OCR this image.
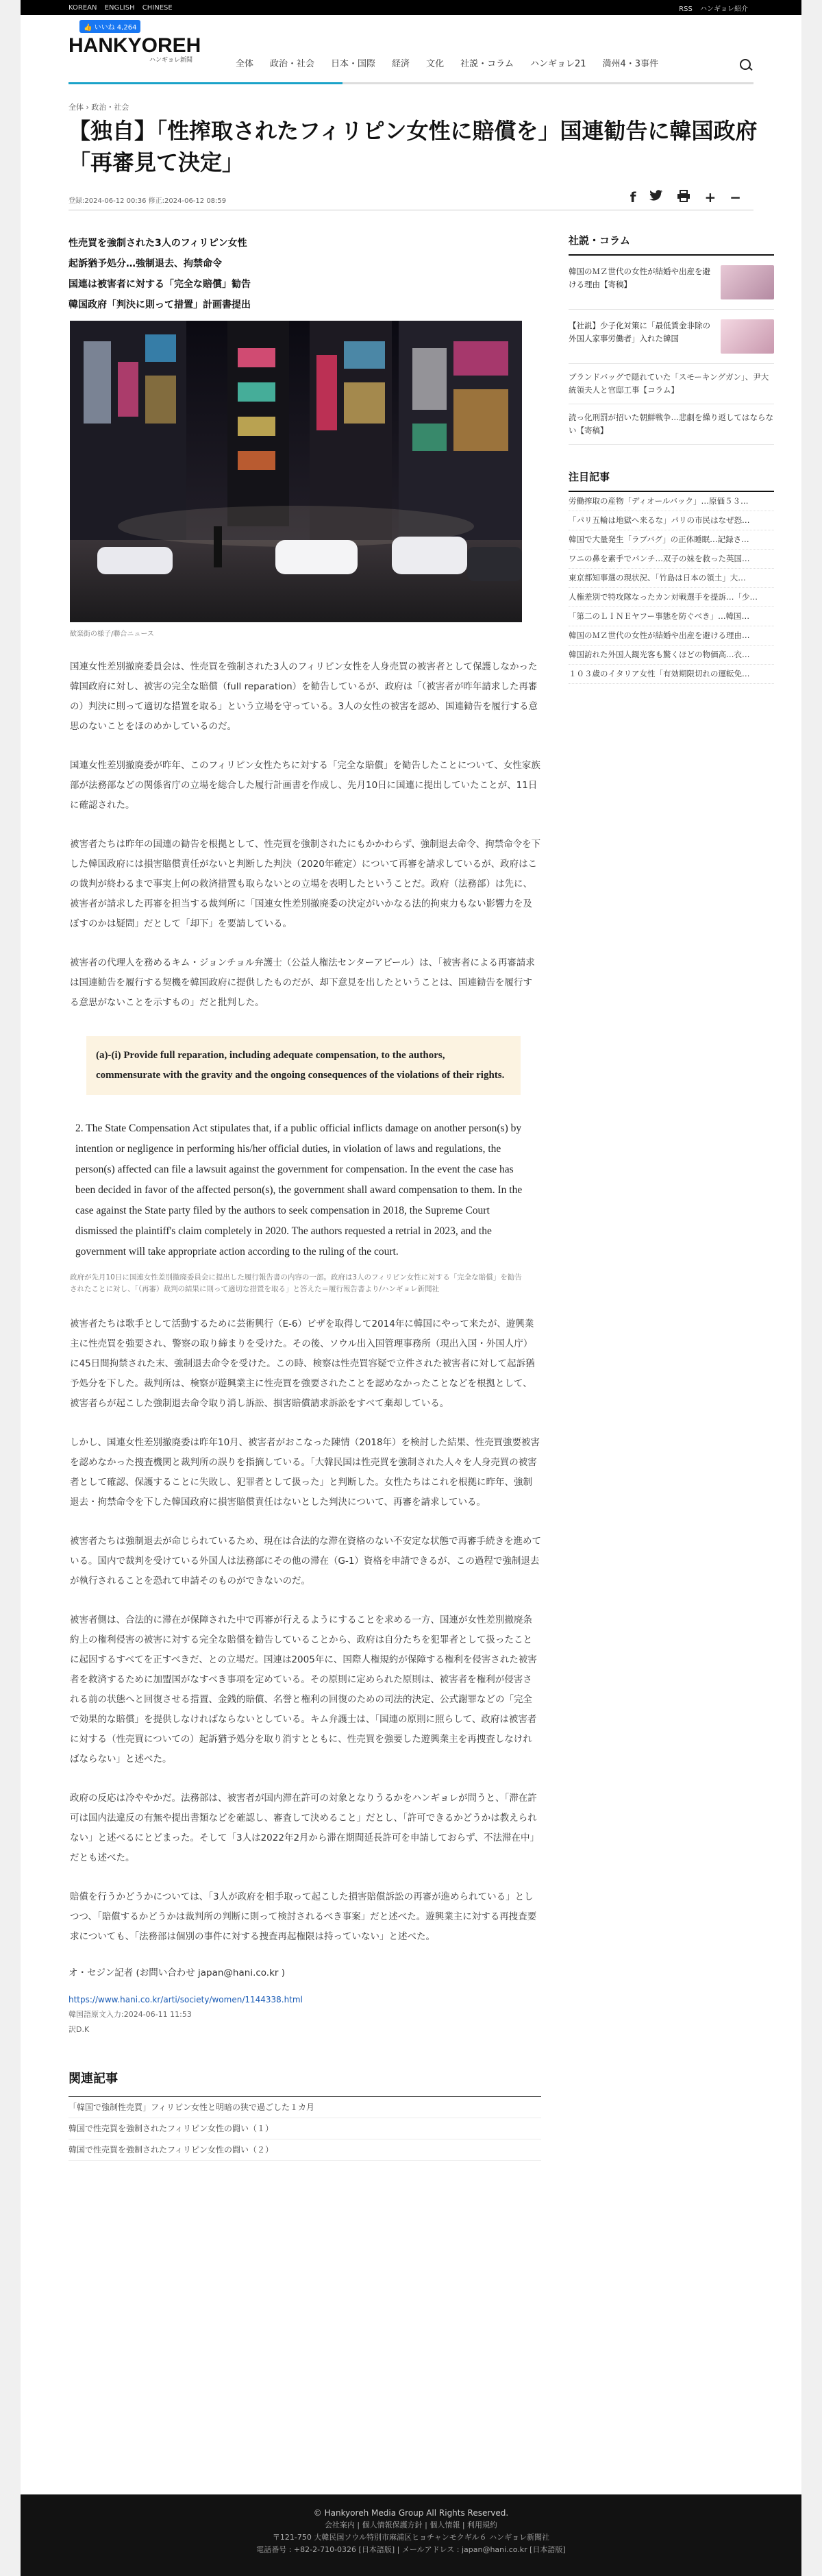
KOREAN ENGLISH CHINESE	RSS ハンギョレ紹介
👍 いいね 4,264
HANKYOREH
ハンギョレ新聞	全体 政治・社会 日本・国際 経済 文化 社説・コラム ハンギョレ21 満州4・3事件
全体 › 政治・社会
【独自】「性搾取されたフィリピン女性に賠償を」国連勧告に韓国政府「再審見て決定」
登録:2024-06-12 00:36 修正:2024-06-12 08:59	f	+ −
性売買を強制された3人のフィリピン女性
起訴猶予処分…強制退去、拘禁命令
国連は被害者に対する「完全な賠償」勧告
韓国政府「判決に則って措置」計画書提出
歓楽街の様子/聯合ニュース

国連女性差別撤廃委員会は、性売買を強制された3人のフィリピン女性を人身売買の被害者として保護しなかった韓国政府に対し、被害の完全な賠償（full reparation）を勧告しているが、政府は「（被害者が昨年請求した再審の）判決に則って適切な措置を取る」という立場を守っている。3人の女性の被害を認め、国連勧告を履行する意思のないことをほのめかしているのだ。

国連女性差別撤廃委が昨年、このフィリピン女性たちに対する「完全な賠償」を勧告したことについて、女性家族部が法務部などの関係省庁の立場を総合した履行計画書を作成し、先月10日に国連に提出していたことが、11日に確認された。

被害者たちは昨年の国連の勧告を根拠として、性売買を強制されたにもかかわらず、強制退去命令、拘禁命令を下した韓国政府には損害賠償責任がないと判断した判決（2020年確定）について再審を請求しているが、政府はこの裁判が終わるまで事実上何の救済措置も取らないとの立場を表明したということだ。政府（法務部）は先に、被害者が請求した再審を担当する裁判所に「国連女性差別撤廃委の決定がいかなる法的拘束力もない影響力を及ぼすのかは疑問」だとして「却下」を要請している。

被害者の代理人を務めるキム・ジョンチョル弁護士（公益人権法センターアピール）は、「被害者による再審請求は国連勧告を履行する契機を韓国政府に提供したものだが、却下意見を出したということは、国連勧告を履行する意思がないことを示すもの」だと批判した。

(a)-(i) Provide full reparation, including adequate compensation, to the authors, commensurate with the gravity and the ongoing consequences of the violations of their rights.
2. The State Compensation Act stipulates that, if a public official inflicts damage on another person(s) by intention or negligence in performing his/her official duties, in violation of laws and regulations, the person(s) affected can file a lawsuit against the government for compensation. In the event the case has been decided in favor of the affected person(s), the government shall award compensation to them. In the case against the State party filed by the authors to seek compensation in 2018, the Supreme Court dismissed the plaintiff's claim completely in 2020. The authors requested a retrial in 2023, and the government will take appropriate action according to the ruling of the court.
政府が先月10日に国連女性差別撤廃委員会に提出した履行報告書の内容の一部。政府は3人のフィリピン女性に対する「完全な賠償」を勧告されたことに対し、「（再審）裁判の結果に則って適切な措置を取る」と答えた＝履行報告書より/ハンギョレ新聞社

被害者たちは歌手として活動するために芸術興行（E-6）ビザを取得して2014年に韓国にやって来たが、遊興業主に性売買を強要され、警察の取り締まりを受けた。その後、ソウル出入国管理事務所（現出入国・外国人庁）に45日間拘禁された末、強制退去命令を受けた。この時、検察は性売買容疑で立件された被害者に対して起訴猶予処分を下した。裁判所は、検察が遊興業主に性売買を強要されたことを認めなかったことなどを根拠として、被害者らが起こした強制退去命令取り消し訴訟、損害賠償請求訴訟をすべて棄却している。

しかし、国連女性差別撤廃委は昨年10月、被害者がおこなった陳情（2018年）を検討した結果、性売買強要被害を認めなかった捜査機関と裁判所の誤りを指摘している。「大韓民国は性売買を強制された人々を人身売買の被害者として確認、保護することに失敗し、犯罪者として扱った」と判断した。女性たちはこれを根拠に昨年、強制退去・拘禁命令を下した韓国政府に損害賠償責任はないとした判決について、再審を請求している。

被害者たちは強制退去が命じられているため、現在は合法的な滞在資格のない不安定な状態で再審手続きを進めている。国内で裁判を受けている外国人は法務部にその他の滞在（G-1）資格を申請できるが、この過程で強制退去が執行されることを恐れて申請そのものができないのだ。

被害者側は、合法的に滞在が保障された中で再審が行えるようにすることを求める一方、国連が女性差別撤廃条約上の権利侵害の被害に対する完全な賠償を勧告していることから、政府は自分たちを犯罪者として扱ったことに起因するすべてを正すべきだ、との立場だ。国連は2005年に、国際人権規約が保障する権利を侵害された被害者を救済するために加盟国がなすべき事項を定めている。その原則に定められた原則は、被害者を権利が侵害される前の状態へと回復させる措置、金銭的賠償、名誉と権利の回復のための司法的決定、公式謝罪などの「完全で効果的な賠償」を提供しなければならないとしている。キム弁護士は、「国連の原則に照らして、政府は被害者に対する（性売買についての）起訴猶予処分を取り消すとともに、性売買を強要した遊興業主を再捜査しなければならない」と述べた。

政府の反応は冷ややかだ。法務部は、被害者が国内滞在許可の対象となりうるかをハンギョレが問うと、「滞在許可は国内法違反の有無や提出書類などを確認し、審査して決めること」だとし、「許可できるかどうかは教えられない」と述べるにとどまった。そして「3人は2022年2月から滞在期間延長許可を申請しておらず、不法滞在中」だとも述べた。

賠償を行うかどうかについては、「3人が政府を相手取って起こした損害賠償訴訟の再審が進められている」としつつ、「賠償するかどうかは裁判所の判断に則って検討されるべき事案」だと述べた。遊興業主に対する再捜査要求についても、「法務部は個別の事件に対する捜査再起権限は持っていない」と述べた。

オ・セジン記者 (お問い合わせ japan@hani.co.kr )
https://www.hani.co.kr/arti/society/women/1144338.html
韓国語原文入力:2024-06-11 11:53
訳D.K
関連記事
「韓国で強制性売買」フィリピン女性と明暗の狭で過ごした１カ月
韓国で性売買を強制されたフィリピン女性の闘い（１）
韓国で性売買を強制されたフィリピン女性の闘い（２）
社説・コラム
韓国のＭＺ世代の女性が結婚や出産を避ける理由【寄稿】
【社説】少子化対策に「最低賃金非除の外国人家事労働者」入れた韓国
ブランドバッグで隠れていた「スモーキングガン」、尹大統領夫人と官邸工事【コラム】
読っ化刑罰が招いた朝鮮戦争…悲劇を繰り返してはならない【寄稿】
注目記事
労働搾取の産物「ディオールバック」…原価５３…
「パリ五輪は地獄へ来るな」パリの市民はなぜ怒…
韓国で大量発生「ラブバグ」の正体睡眠…記録さ…
ワニの鼻を素手でパンチ…双子の妹を救った英国…
東京都知事選の現状況、「竹島は日本の領土」大…
人権差別で特攻隊なったカン対戦選手を提訴…「少…
「第二のＬＩＮＥヤフー事態を防ぐべき」…韓国…
韓国のＭＺ世代の女性が結婚や出産を避ける理由…
韓国訪れた外国人観光客も驚くほどの物価高…衣…
１０３歳のイタリア女性「有効期限切れの運転免…
© Hankyoreh Media Group All Rights Reserved.
会社案内 | 個人情報保護方針 | 個人情報 | 利用規約
〒121-750 大韓民国ソウル特別市麻浦区ヒョチャンモクギル６ ハンギョレ新聞社
電話番号 : +82-2-710-0326 [日本語版] | メールアドレス : japan@hani.co.kr [日本語版]
